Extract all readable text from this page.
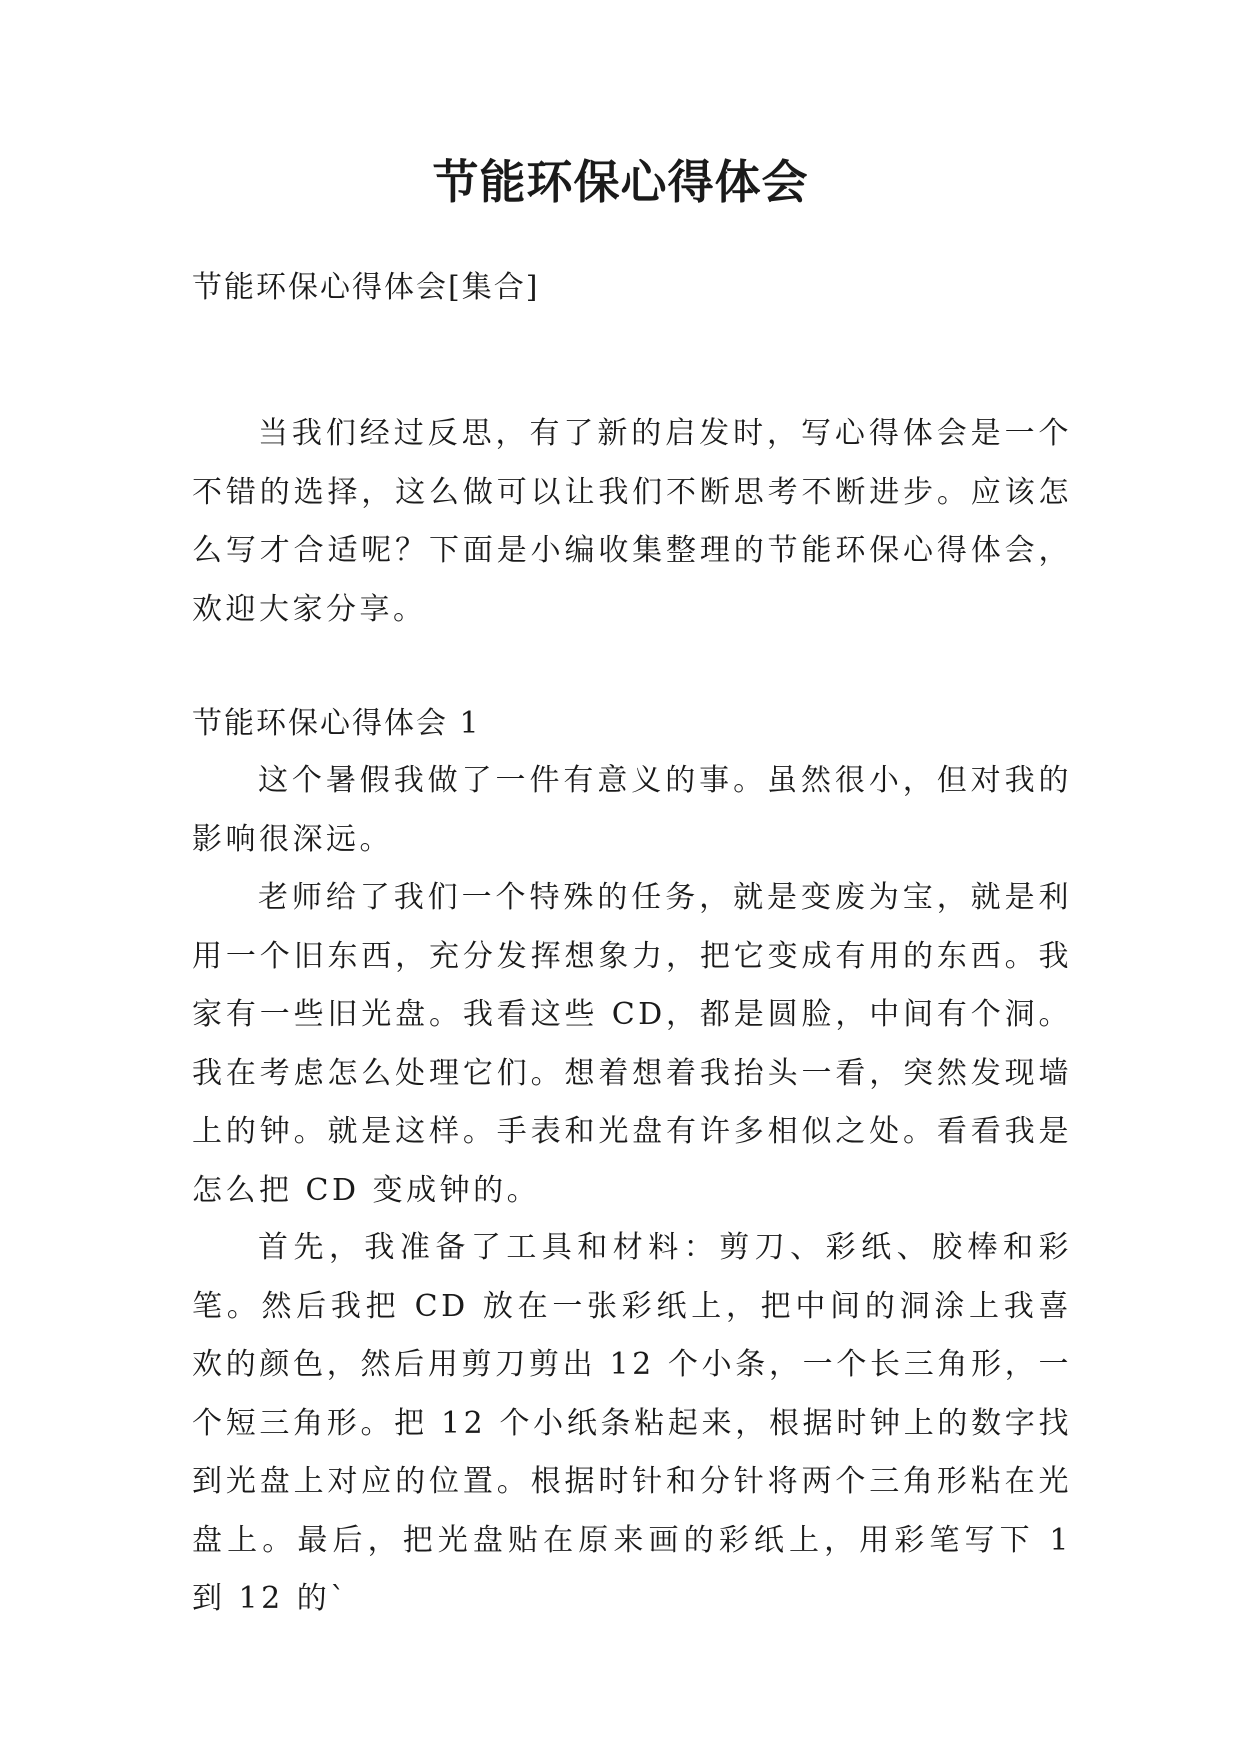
节能环保心得体会
节能环保心得体会[集合]

当我们经过反思，有了新的启发时，写心得体会是一个不错的选择，这么做可以让我们不断思考不断进步。应该怎么写才合适呢？下面是小编收集整理的节能环保心得体会，欢迎大家分享。

节能环保心得体会 1

这个暑假我做了一件有意义的事。虽然很小，但对我的影响很深远。

老师给了我们一个特殊的任务，就是变废为宝，就是利用一个旧东西，充分发挥想象力，把它变成有用的东西。我家有一些旧光盘。我看这些 CD，都是圆脸，中间有个洞。我在考虑怎么处理它们。想着想着我抬头一看，突然发现墙上的钟。就是这样。手表和光盘有许多相似之处。看看我是怎么把 CD 变成钟的。

首先，我准备了工具和材料：剪刀、彩纸、胶棒和彩笔。然后我把 CD 放在一张彩纸上，把中间的洞涂上我喜欢的颜色，然后用剪刀剪出 12 个小条，一个长三角形，一个短三角形。把 12 个小纸条粘起来，根据时钟上的数字找到光盘上对应的位置。根据时针和分针将两个三角形粘在光盘上。最后，把光盘贴在原来画的彩纸上，用彩笔写下 1 到 12 的`
